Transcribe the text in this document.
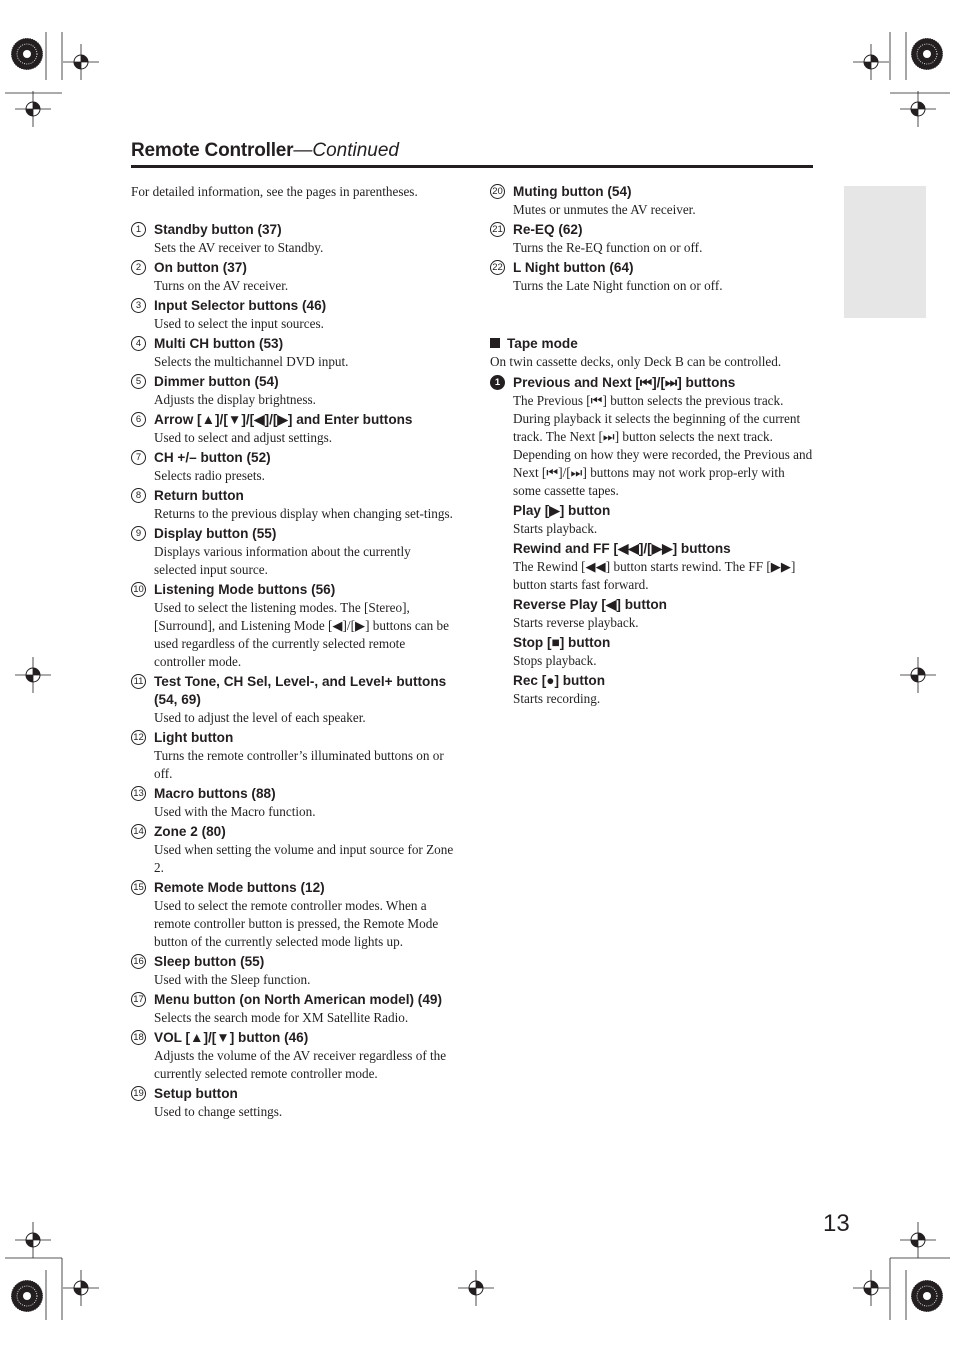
Remote Controller—Continued

For detailed information, see the pages in parentheses.

1 Standby button (37)
Sets the AV receiver to Standby.
2 On button (37)
Turns on the AV receiver.
3 Input Selector buttons (46)
Used to select the input sources.
4 Multi CH button (53)
Selects the multichannel DVD input.
5 Dimmer button (54)
Adjusts the display brightness.
6 Arrow [▲]/[▼]/[◀]/[▶] and Enter buttons
Used to select and adjust settings.
7 CH +/– button (52)
Selects radio presets.
8 Return button
Returns to the previous display when changing set-tings.
9 Display button (55)
Displays various information about the currently selected input source.
10 Listening Mode buttons (56)
Used to select the listening modes. The [Stereo], [Surround], and Listening Mode [◀]/[▶] buttons can be used regardless of the currently selected remote controller mode.
11 Test Tone, CH Sel, Level-, and Level+ buttons (54, 69)
Used to adjust the level of each speaker.
12 Light button
Turns the remote controller’s illuminated buttons on or off.
13 Macro buttons (88)
Used with the Macro function.
14 Zone 2 (80)
Used when setting the volume and input source for Zone 2.
15 Remote Mode buttons (12)
Used to select the remote controller modes. When a remote controller button is pressed, the Remote Mode button of the currently selected mode lights up.
16 Sleep button (55)
Used with the Sleep function.
17 Menu button (on North American model) (49)
Selects the search mode for XM Satellite Radio.
18 VOL [▲]/[▼] button (46)
Adjusts the volume of the AV receiver regardless of the currently selected remote controller mode.
19 Setup button
Used to change settings.
20 Muting button (54)
Mutes or unmutes the AV receiver.
21 Re-EQ (62)
Turns the Re-EQ function on or off.
22 L Night button (64)
Turns the Late Night function on or off.
Tape mode
On twin cassette decks, only Deck B can be controlled.
1 Previous and Next [⏮]/[⏭] buttons
The Previous [⏮] button selects the previous track. During playback it selects the beginning of the current track. The Next [⏭] button selects the next track.
Depending on how they were recorded, the Previous and Next [⏮]/[⏭] buttons may not work prop-erly with some cassette tapes.
Play [▶] button
Starts playback.
Rewind and FF [◀◀]/[▶▶] buttons
The Rewind [◀◀] button starts rewind. The FF [▶▶] button starts fast forward.
Reverse Play [◀] button
Starts reverse playback.
Stop [■] button
Stops playback.
Rec [●] button
Starts recording.
13
